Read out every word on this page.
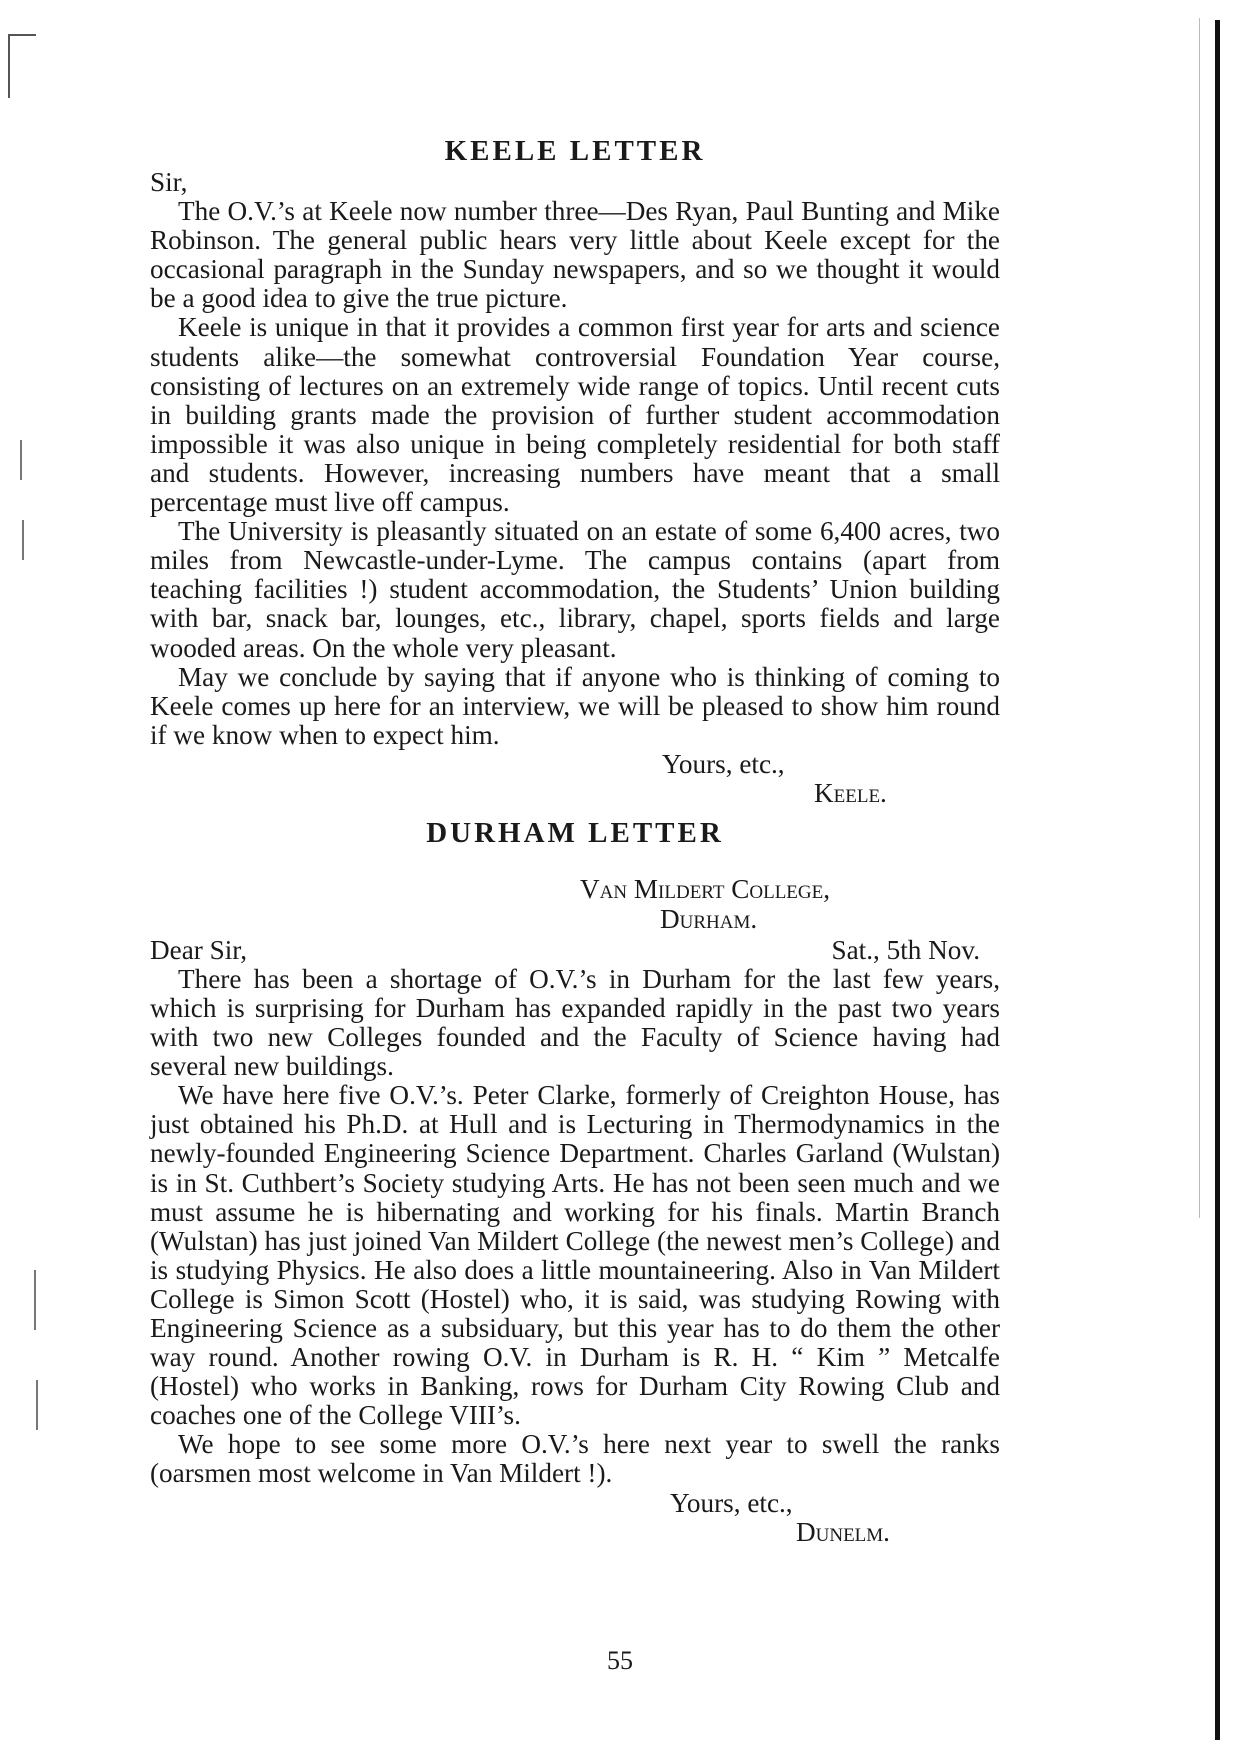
KEELE LETTER

Sir,

The O.V.’s at Keele now number three—Des Ryan, Paul Bunting and Mike Robinson. The general public hears very little about Keele except for the occasional paragraph in the Sunday newspapers, and so we thought it would be a good idea to give the true picture.

Keele is unique in that it provides a common first year for arts and science students alike—the somewhat controversial Foundation Year course, consisting of lectures on an extremely wide range of topics. Until recent cuts in building grants made the provision of further student accommodation impossible it was also unique in being completely residential for both staff and students. However, increasing numbers have meant that a small percentage must live off campus.

The University is pleasantly situated on an estate of some 6,400 acres, two miles from Newcastle-under-Lyme. The campus contains (apart from teaching facilities !) student accommodation, the Students’ Union building with bar, snack bar, lounges, etc., library, chapel, sports fields and large wooded areas. On the whole very pleasant.

May we conclude by saying that if anyone who is thinking of coming to Keele comes up here for an interview, we will be pleased to show him round if we know when to expect him.

Yours, etc.,

Keele.

DURHAM LETTER

Van Mildert College,

Durham.

Dear Sir,	Sat., 5th Nov.

There has been a shortage of O.V.’s in Durham for the last few years, which is surprising for Durham has expanded rapidly in the past two years with two new Colleges founded and the Faculty of Science having had several new buildings.

We have here five O.V.’s. Peter Clarke, formerly of Creighton House, has just obtained his Ph.D. at Hull and is Lecturing in Thermodynamics in the newly-founded Engineering Science Department. Charles Garland (Wulstan) is in St. Cuthbert’s Society studying Arts. He has not been seen much and we must assume he is hibernating and working for his finals. Martin Branch (Wulstan) has just joined Van Mildert College (the newest men’s College) and is studying Physics. He also does a little mountaineering. Also in Van Mildert College is Simon Scott (Hostel) who, it is said, was studying Rowing with Engineering Science as a subsiduary, but this year has to do them the other way round. Another rowing O.V. in Durham is R. H. “ Kim ” Metcalfe (Hostel) who works in Banking, rows for Durham City Rowing Club and coaches one of the College VIII’s.

We hope to see some more O.V.’s here next year to swell the ranks (oarsmen most welcome in Van Mildert !).

Yours, etc.,

Dunelm.

55
